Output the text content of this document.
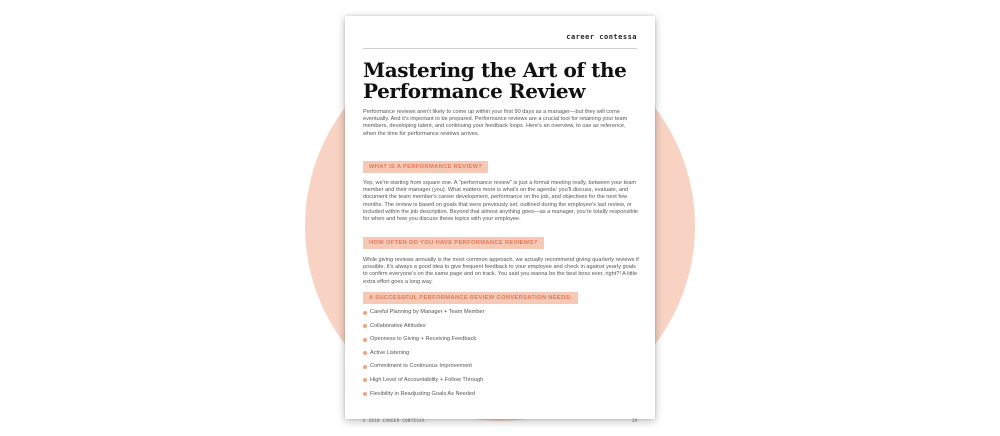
career contessa
Mastering the Art of the
Performance Review

Performance reviews aren't likely to come up within your first 90 days as a manager—but they will come eventually. And it's important to be prepared. Performance reviews are a crucial tool for retaining your team members, developing talent, and continuing your feedback loops. Here's an overview, to use as reference, when the time for performance reviews arrives.

WHAT IS A PERFORMANCE REVIEW?

Yep, we're starting from square one. A "performance review" is just a formal meeting really, between your team member and their manager (you). What matters more is what's on the agenda: you'll discuss, evaluate, and document the team member's career development, performance on the job, and objectives for the next few months. The review is based on goals that were previously set, outlined during the employee's last review, or included within the job description. Beyond that almost anything goes—as a manager, you're totally responsible for when and how you discuss these topics with your employee.

HOW OFTEN DO YOU HAVE PERFORMANCE REVIEWS?

While giving reviews annually is the most common approach, we actually recommend giving quarterly reviews if possible. It's always a good idea to give frequent feedback to your employee and check in against yearly goals to confirm everyone's on the same page and on track. You said you wanna be the best boss ever, right?! A little extra effort goes a long way.

A SUCCESSFUL PERFORMANCE REVIEW CONVERSATION NEEDS:
Careful Planning by Manager + Team Member
Collaborative Attitudes
Openness to Giving + Receiving Feedback
Active Listening
Commitment to Continuous Improvement
High Level of Accountability + Follow Through
Flexibility in Readjusting Goals As Needed
© 2018 CAREER CONTESSA	29
